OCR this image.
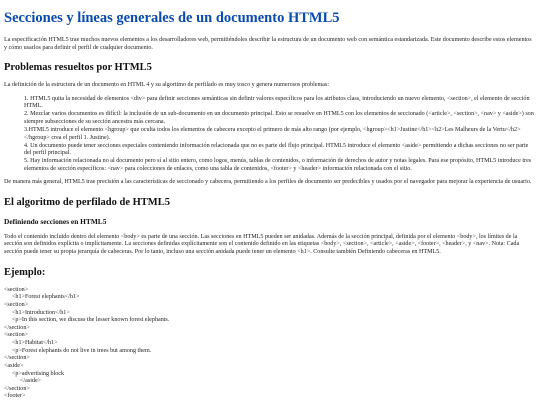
Secciones y líneas generales de un documento HTML5

La especificación HTML5 trae muchos nuevos elementos a los desarrolladores web, permitiéndoles describir la estructura de un documento web con semántica estandarizada. Este documento describe estos elementos y cómo usarlos para definir el perfil de cualquier documento.

Problemas resueltos por HTML5

La definición de la estructura de un documento en HTML 4 y su algoritmo de perfilado es muy tosco y genera numerosos problemas:

1. HTML5 quita la necesidad de elementos <div> para definir secciones semánticas sin definir valores específicos para los atributos class, introduciendo un nuevo elemento, <section>, el elemento de sección HTML.
2. Mezclar varios documentos es difícil: la inclusión de un sub-documento en un documento principal. Esto se resuelve en HTML5 con los elementos de seccionado (<article>, <section>, <nav> y <aside>) son siempre subsecciones de su sección ancestra más cercana.
3.HTML5 introduce el elemento <hgroup> que oculta todos los elementos de cabecera excepto el primero de más alto rango (por ejemplo, <hgroup><h1>Justine</h1><h2>Les Malheurs de la Vertu</h2></hgroup> crea el perfil 1. Justine).
4. Un documento puede tener secciones especiales conteniendo información relacionada que no es parte del flujo principal. HTML5 introduce el elemento <aside> permitiendo a dichas secciones no ser parte del perfil principal.
5. Hay información relacionada no al documento pero sí al sitio entero, como logos, menús, tablas de contenidos, o información de derechos de autor y notas legales. Para ese propósito, HTML5 introduce tres elementos de sección específicos: <nav> para colecciones de enlaces, como una tabla de contenidos, <footer> y <header> información relacionada con el sitio.

De manera más general, HTML5 trae precisión a las características de seccionado y cabecera, permitiendo a los perfiles de documento ser predecibles y usados por el navegador para mejorar la experiencia de usuario.

El algoritmo de perfilado de HTML5
Definiendo secciones en HTML5

Todo el contenido incluido dentro del elemento <body> es parte de una sección. Las secciones en HTML5 pueden ser anidadas. Además de la sección principal, definida por el elemento <body>, los límites de la sección son definidos explícita o implícitamente. La secciones definidas explícitamente son el contenido definido en las etiquetas <body>, <section>, <article>, <aside>, <footer>, <header>, y <nav>. Nota: Cada sección puede tener su propia jerarquía de cabeceras. Por lo tanto, incluso una sección anidada puede tener un elemento <h1>. Consulte también Definiendo cabeceras en HTML5.

Ejemplo:
<section>
<h1>Forest elephants</h1>
<section>
<h1>Introduction</h1>
<p>In this section, we discuss the lesser known forest elephants.
</section>
<section>
<h1>Habitat</h1>
<p>Forest elephants do not live in trees but among them.
</section>
<aside>
<p>advertising block
</aside>
</section>
<footer>
